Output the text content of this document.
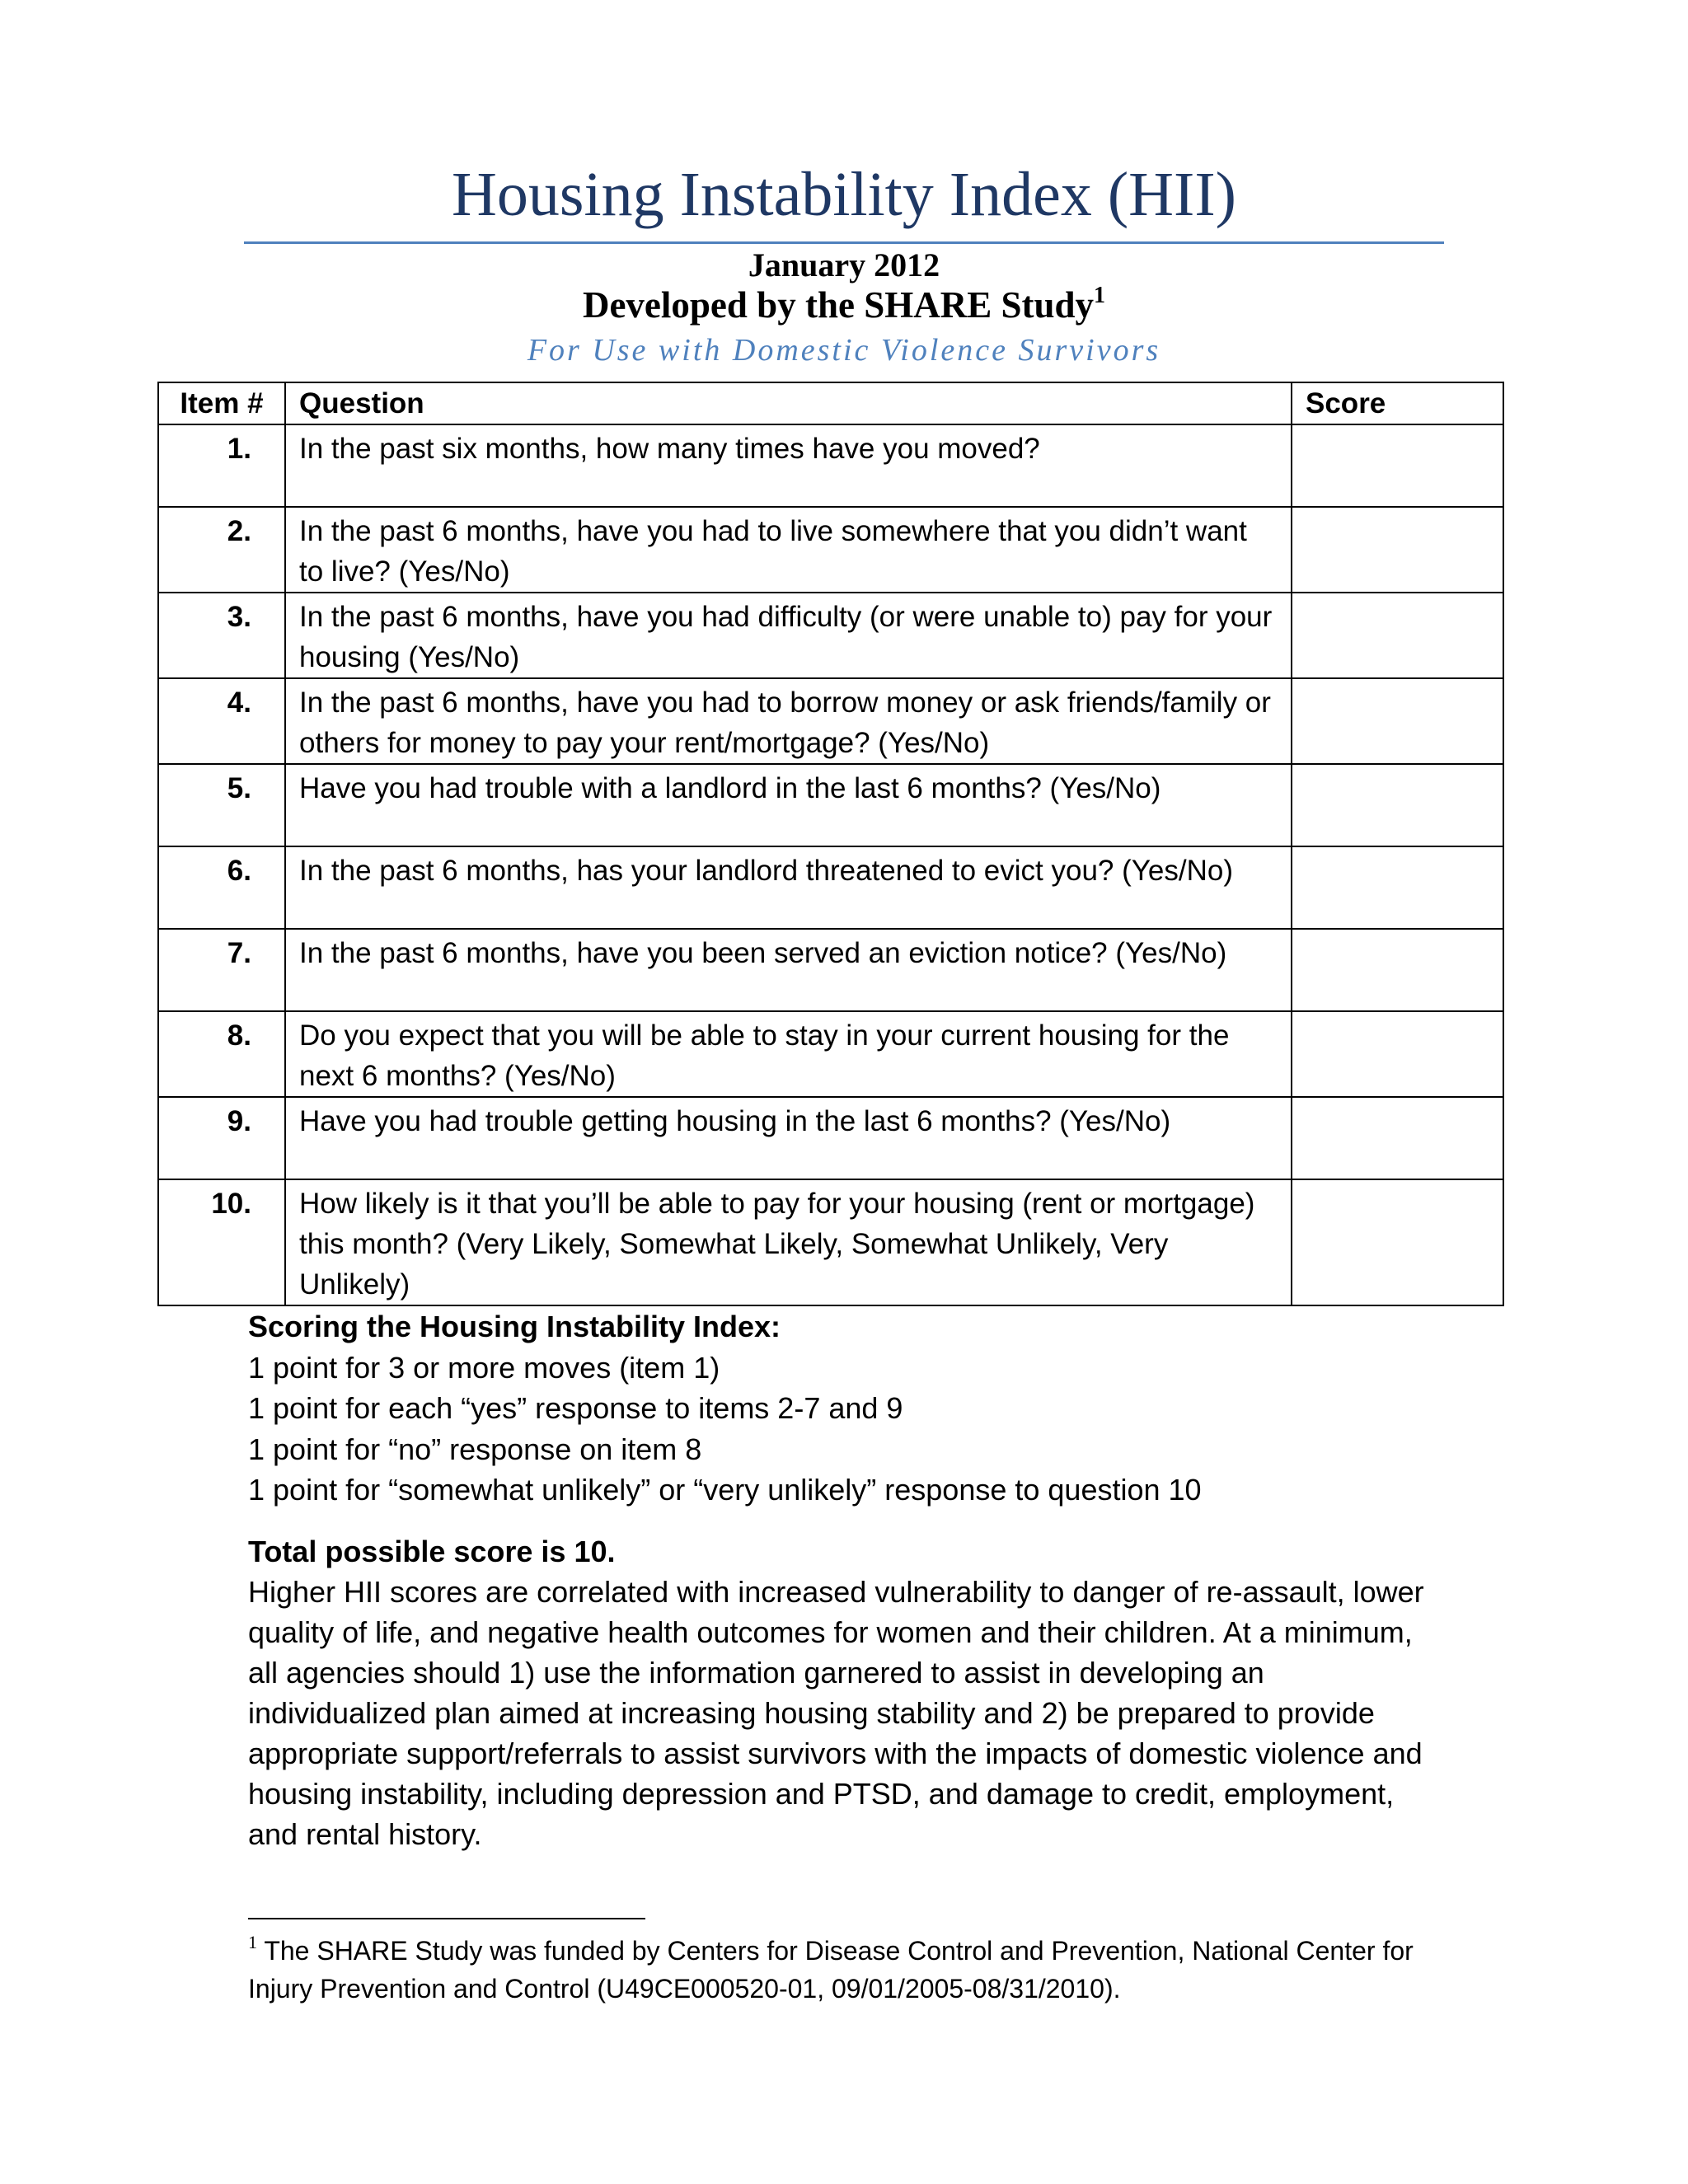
Housing Instability Index (HII)
January 2012
Developed by the SHARE Study$^1$
For Use with Domestic Violence Survivors
Item #	Question	Score
1.	In the past six months, how many times have you moved?	
2.	In the past 6 months, have you had to live somewhere that you didn’t want to live? (Yes/No)	
3.	In the past 6 months, have you had difficulty (or were unable to) pay for your housing (Yes/No)	
4.	In the past 6 months, have you had to borrow money or ask friends/family or others for money to pay your rent/mortgage? (Yes/No)	
5.	Have you had trouble with a landlord in the last 6 months? (Yes/No)	
6.	In the past 6 months, has your landlord threatened to evict you? (Yes/No)	
7.	In the past 6 months, have you been served an eviction notice? (Yes/No)	
8.	Do you expect that you will be able to stay in your current housing for the next 6 months? (Yes/No)	
9.	Have you had trouble getting housing in the last 6 months? (Yes/No)	
10.	How likely is it that you’ll be able to pay for your housing (rent or mortgage) this month? (Very Likely, Somewhat Likely, Somewhat Unlikely, Very Unlikely)	
Scoring the Housing Instability Index:
1 point for 3 or more moves (item 1)
1 point for each “yes” response to items 2-7 and 9
1 point for “no” response on item 8
1 point for “somewhat unlikely” or “very unlikely” response to question 10
Total possible score is 10.
Higher HII scores are correlated with increased vulnerability to danger of re-assault, lower quality of life, and negative health outcomes for women and their children. At a minimum, all agencies should 1) use the information garnered to assist in developing an individualized plan aimed at increasing housing stability and 2) be prepared to provide appropriate support/referrals to assist survivors with the impacts of domestic violence and housing instability, including depression and PTSD, and damage to credit, employment, and rental history.
$^1$ The SHARE Study was funded by Centers for Disease Control and Prevention, National Center for Injury Prevention and Control (U49CE000520-01, 09/01/2005-08/31/2010).
